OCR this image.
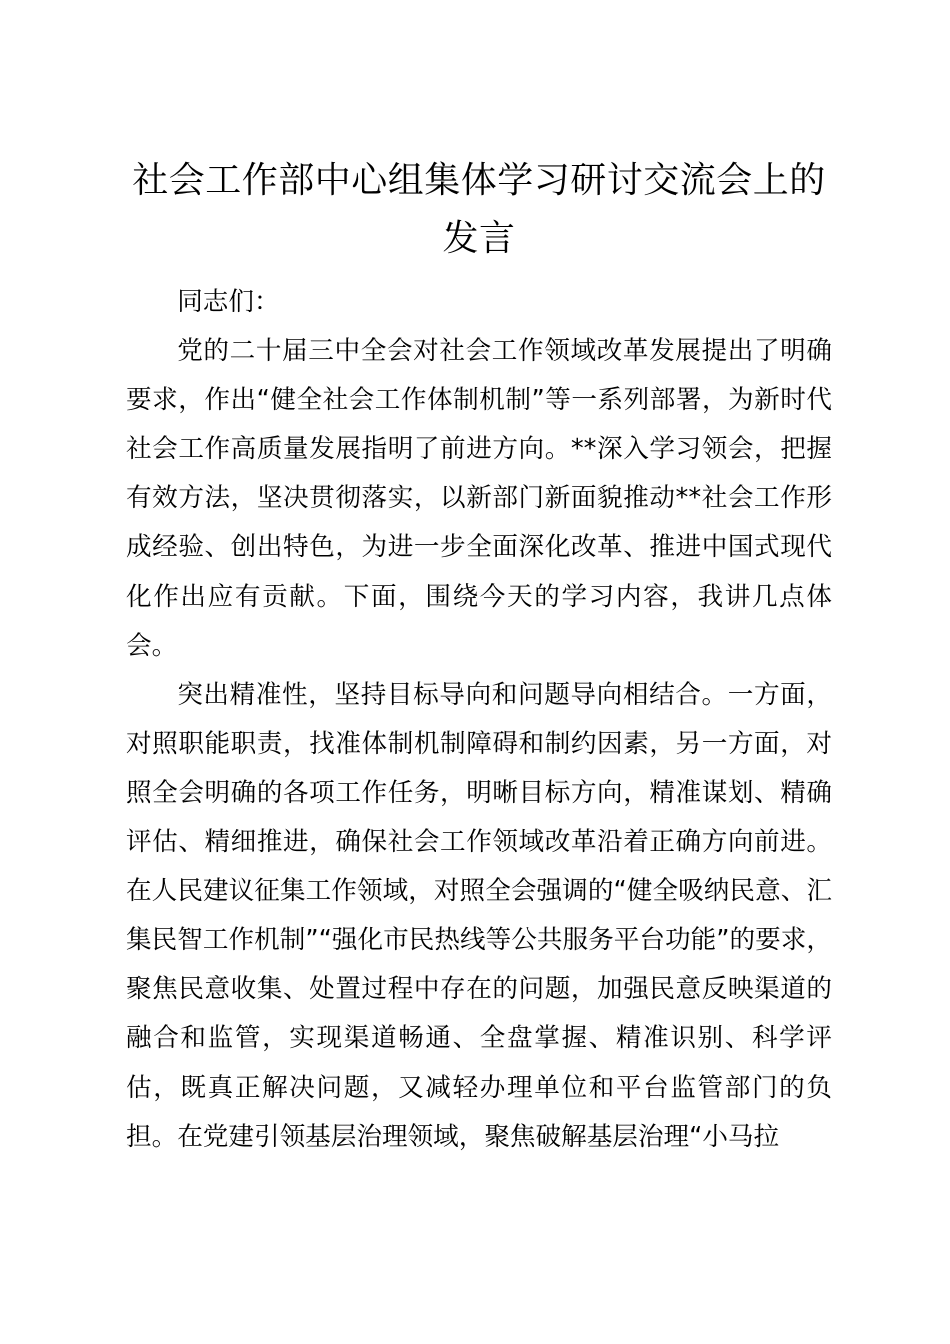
社会工作部中心组集体学习研讨交流会上的发言

同志们：

党的二十届三中全会对社会工作领域改革发展提出了明确要求，作出“健全社会工作体制机制”等一系列部署，为新时代社会工作高质量发展指明了前进方向。**深入学习领会，把握有效方法，坚决贯彻落实，以新部门新面貌推动**社会工作形成经验、创出特色，为进一步全面深化改革、推进中国式现代化作出应有贡献。下面，围绕今天的学习内容，我讲几点体会。

突出精准性，坚持目标导向和问题导向相结合。一方面，对照职能职责，找准体制机制障碍和制约因素，另一方面，对照全会明确的各项工作任务，明晰目标方向，精准谋划、精确评估、精细推进，确保社会工作领域改革沿着正确方向前进。在人民建议征集工作领域，对照全会强调的“健全吸纳民意、汇集民智工作机制”“强化市民热线等公共服务平台功能”的要求，聚焦民意收集、处置过程中存在的问题，加强民意反映渠道的融合和监管，实现渠道畅通、全盘掌握、精准识别、科学评估，既真正解决问题，又减轻办理单位和平台监管部门的负担。在党建引领基层治理领域，聚焦破解基层治理“小马拉
